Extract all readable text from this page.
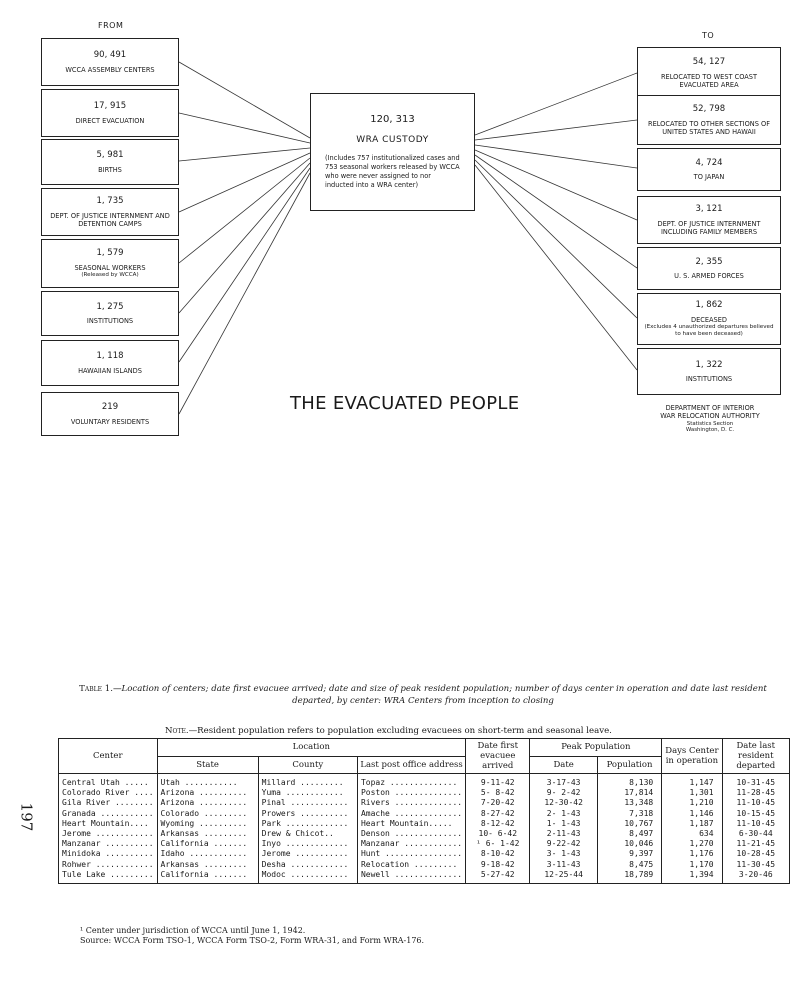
FROM
TO
90, 491
WCCA ASSEMBLY CENTERS
17, 915
DIRECT EVACUATION
5, 981
BIRTHS
1, 735
DEPT. OF JUSTICE INTERNMENT AND DETENTION CAMPS
1, 579
SEASONAL WORKERS
(Released by WCCA)
1, 275
INSTITUTIONS
1, 118
HAWAIIAN ISLANDS
219
VOLUNTARY RESIDENTS
120, 313
WRA CUSTODY
(Includes 757 institutionalized cases and 753 seasonal workers released by WCCA who were never assigned to nor inducted into a WRA center)
54, 127
RELOCATED TO WEST COAST EVACUATED AREA
52, 798
RELOCATED TO OTHER SECTIONS OF UNITED STATES AND HAWAII
4, 724
TO JAPAN
3, 121
DEPT. OF JUSTICE INTERNMENT INCLUDING FAMILY MEMBERS
2, 355
U. S. ARMED FORCES
1, 862
DECEASED
(Excludes 4 unauthorized departures believed to have been deceased)
1, 322
INSTITUTIONS
THE EVACUATED PEOPLE	DEPARTMENT OF INTERIOR
WAR RELOCATION AUTHORITY
Statistics Section
Washington, D. C.
197
Table 1.—Location of centers; date first evacuee arrived; date and size of peak resident population; number of days center in operation and date last resident departed, by center: WRA Centers from inception to closing
Note.—Resident population refers to population excluding evacuees on short-term and seasonal leave.
Center	Location			Date first evacuee arrived	Peak Population		Days Center in operation	Date last resident departed
	State	County	Last post office address		Date	Population		
Central Utah .....	Utah ...........	Millard .........	Topaz ..............	9-11-42	3-17-43	8,130	1,147	10-31-45
Colorado River ....	Arizona ..........	Yuma ............	Poston ..............	5- 8-42	9- 2-42	17,814	1,301	11-28-45
Gila River ........	Arizona ..........	Pinal ............	Rivers ..............	7-20-42	12-30-42	13,348	1,210	11-10-45
Granada ...........	Colorado .........	Prowers ..........	Amache ..............	8-27-42	2- 1-43	7,318	1,146	10-15-45
Heart Mountain....	Wyoming ..........	Park .............	Heart Mountain.....	8-12-42	1- 1-43	10,767	1,187	11-10-45
Jerome ............	Arkansas .........	Drew & Chicot..	Denson ..............	10- 6-42	2-11-43	8,497	634	6-30-44
Manzanar ..........	California .......	Inyo .............	Manzanar ............	¹ 6- 1-42	9-22-42	10,046	1,270	11-21-45
Minidoka ..........	Idaho ............	Jerome ...........	Hunt ................	8-10-42	3- 1-43	9,397	1,176	10-28-45
Rohwer ............	Arkansas .........	Desha ............	Relocation .........	9-18-42	3-11-43	8,475	1,170	11-30-45
Tule Lake .........	California .......	Modoc ............	Newell ..............	5-27-42	12-25-44	18,789	1,394	3-20-46
¹ Center under jurisdiction of WCCA until June 1, 1942.
Source: WCCA Form TSO-1, WCCA Form TSO-2, Form WRA-31, and Form WRA-176.
